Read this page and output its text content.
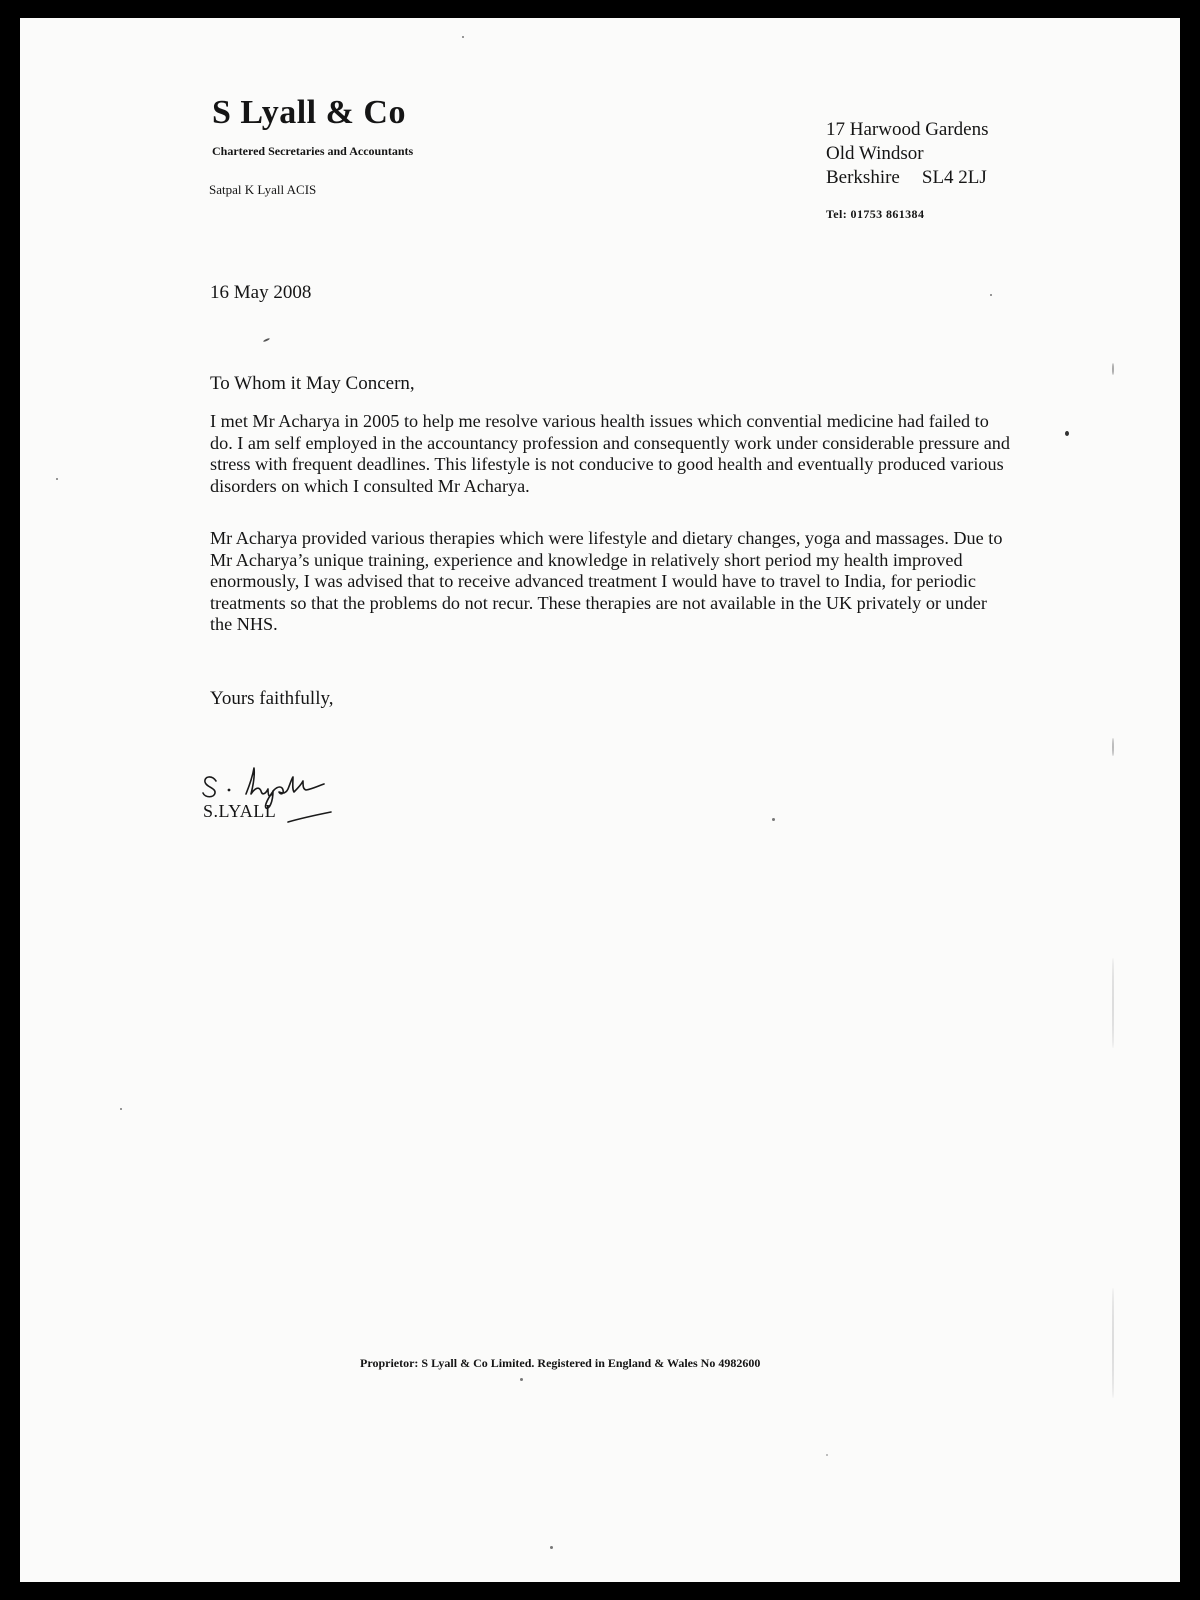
S Lyall & Co
Chartered Secretaries and Accountants
Satpal K Lyall ACIS
17 Harwood Gardens
Old Windsor
Berkshire SL4 2LJ
Tel: 01753 861384
16 May 2008
To Whom it May Concern,

I met Mr Acharya in 2005 to help me resolve various health issues which convential medicine had failed to do. I am self employed in the accountancy profession and consequently work under considerable pressure and stress with frequent deadlines. This lifestyle is not conducive to good health and eventually produced various disorders on which I consulted Mr Acharya.

Mr Acharya provided various therapies which were lifestyle and dietary changes, yoga and massages. Due to Mr Acharya’s unique training, experience and knowledge in relatively short period my health improved enormously, I was advised that to receive advanced treatment I would have to travel to India, for periodic treatments so that the problems do not recur. These therapies are not available in the UK privately or under the NHS.

Yours faithfully,
S.LYALL
Proprietor: S Lyall & Co Limited. Registered in England & Wales No 4982600
